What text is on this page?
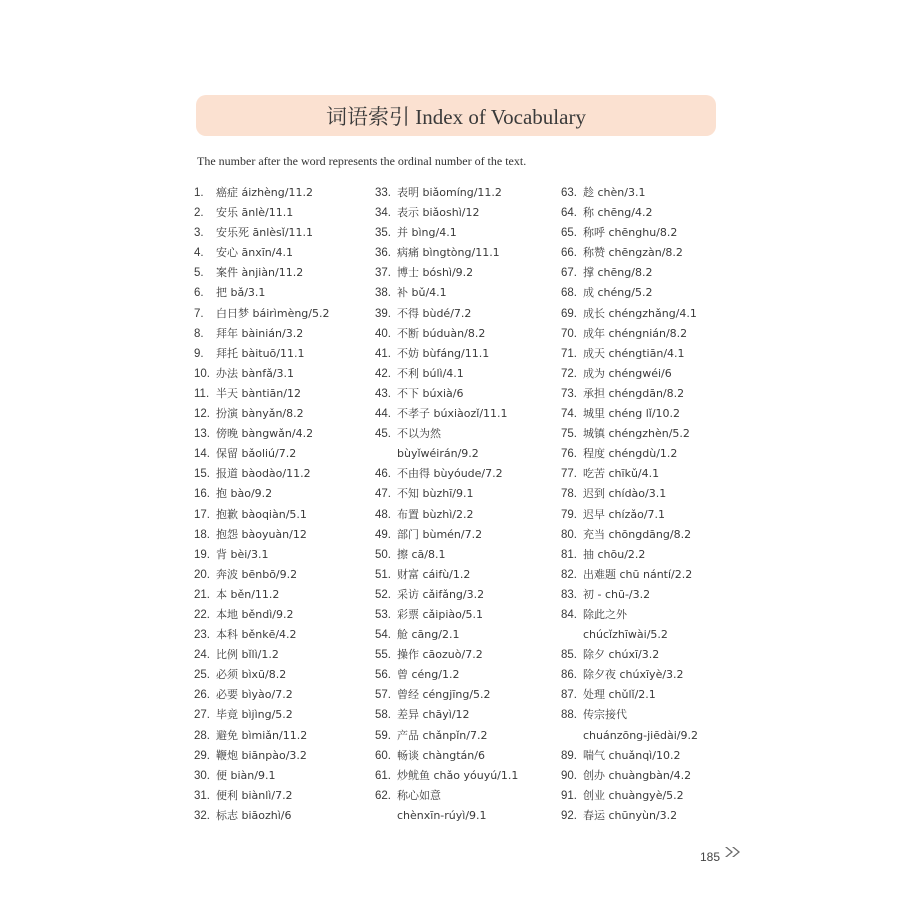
词语索引 Index of Vocabulary
The number after the word represents the ordinal number of the text.
1. 癌症 áizhèng/11.2
2. 安乐 ānlè/11.1
3. 安乐死 ānlèsǐ/11.1
4. 安心 ānxīn/4.1
5. 案件 ànjiàn/11.2
6. 把 bǎ/3.1
7. 白日梦 báirìmèng/5.2
8. 拜年 bàinián/3.2
9. 拜托 bàituō/11.1
10. 办法 bànfǎ/3.1
11. 半天 bàntiān/12
12. 扮演 bànyǎn/8.2
13. 傍晚 bàngwǎn/4.2
14. 保留 bǎoliú/7.2
15. 报道 bàodào/11.2
16. 抱 bào/9.2
17. 抱歉 bàoqiàn/5.1
18. 抱怨 bàoyuàn/12
19. 背 bèi/3.1
20. 奔波 bēnbō/9.2
21. 本 běn/11.2
22. 本地 běndì/9.2
23. 本科 běnkē/4.2
24. 比例 bǐlì/1.2
25. 必须 bìxū/8.2
26. 必要 bìyào/7.2
27. 毕竟 bìjìng/5.2
28. 避免 bìmiǎn/11.2
29. 鞭炮 biānpào/3.2
30. 便 biàn/9.1
31. 便利 biànlì/7.2
32. 标志 biāozhì/6
33. 表明 biǎomíng/11.2
34. 表示 biǎoshì/12
35. 并 bìng/4.1
36. 病痛 bìngtòng/11.1
37. 博士 bóshì/9.2
38. 补 bǔ/4.1
39. 不得 bùdé/7.2
40. 不断 búduàn/8.2
41. 不妨 bùfáng/11.1
42. 不利 búlì/4.1
43. 不下 búxià/6
44. 不孝子 búxiàozǐ/11.1
45. 不以为然
bùyǐwéirán/9.2
46. 不由得 bùyóude/7.2
47. 不知 bùzhī/9.1
48. 布置 bùzhì/2.2
49. 部门 bùmén/7.2
50. 擦 cā/8.1
51. 财富 cáifù/1.2
52. 采访 cǎifǎng/3.2
53. 彩票 cǎipiào/5.1
54. 舱 cāng/2.1
55. 操作 cāozuò/7.2
56. 曾 céng/1.2
57. 曾经 céngjīng/5.2
58. 差异 chāyì/12
59. 产品 chǎnpǐn/7.2
60. 畅谈 chàngtán/6
61. 炒鱿鱼 chǎo yóuyú/1.1
62. 称心如意
chènxīn-rúyì/9.1
63. 趁 chèn/3.1
64. 称 chēng/4.2
65. 称呼 chēnghu/8.2
66. 称赞 chēngzàn/8.2
67. 撑 chēng/8.2
68. 成 chéng/5.2
69. 成长 chéngzhǎng/4.1
70. 成年 chéngnián/8.2
71. 成天 chéngtiān/4.1
72. 成为 chéngwéi/6
73. 承担 chéngdān/8.2
74. 城里 chéng lǐ/10.2
75. 城镇 chéngzhèn/5.2
76. 程度 chéngdù/1.2
77. 吃苦 chīkǔ/4.1
78. 迟到 chídào/3.1
79. 迟早 chízǎo/7.1
80. 充当 chōngdāng/8.2
81. 抽 chōu/2.2
82. 出难题 chū nántí/2.2
83. 初 - chū-/3.2
84. 除此之外
chúcǐzhīwài/5.2
85. 除夕 chúxī/3.2
86. 除夕夜 chúxīyè/3.2
87. 处理 chǔlǐ/2.1
88. 传宗接代
chuánzōng-jiēdài/9.2
89. 喘气 chuǎnqì/10.2
90. 创办 chuàngbàn/4.2
91. 创业 chuàngyè/5.2
92. 春运 chūnyùn/3.2
185
